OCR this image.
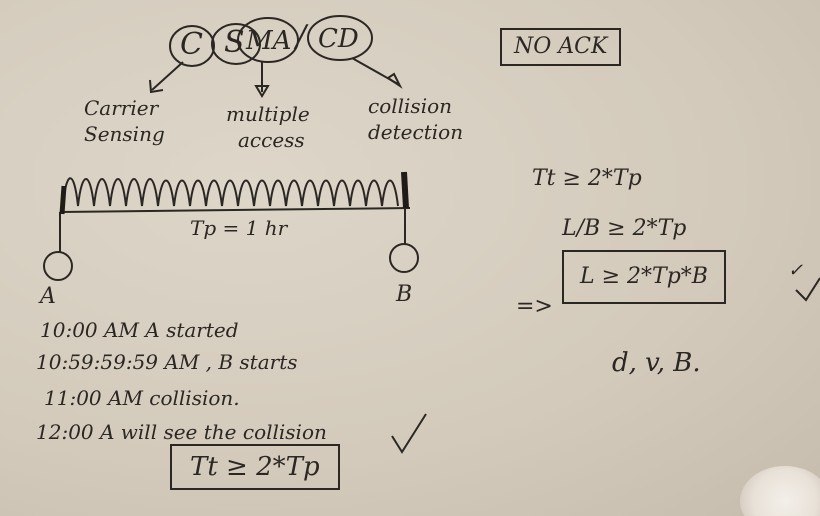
C S MA / CD	NO ACK
Carrier
Sensing
multiple
access
collision
detection
Tp = 1 hr
A	B
10:00 AM A started
10:59:59:59 AM , B starts
11:00 AM collision.
12:00 A will see the collision
Tt ≥ 2*Tp
Tt ≥ 2*Tp
L/B ≥ 2*Tp
=>
L ≥ 2*Tp*B
d, v, B.
✓
